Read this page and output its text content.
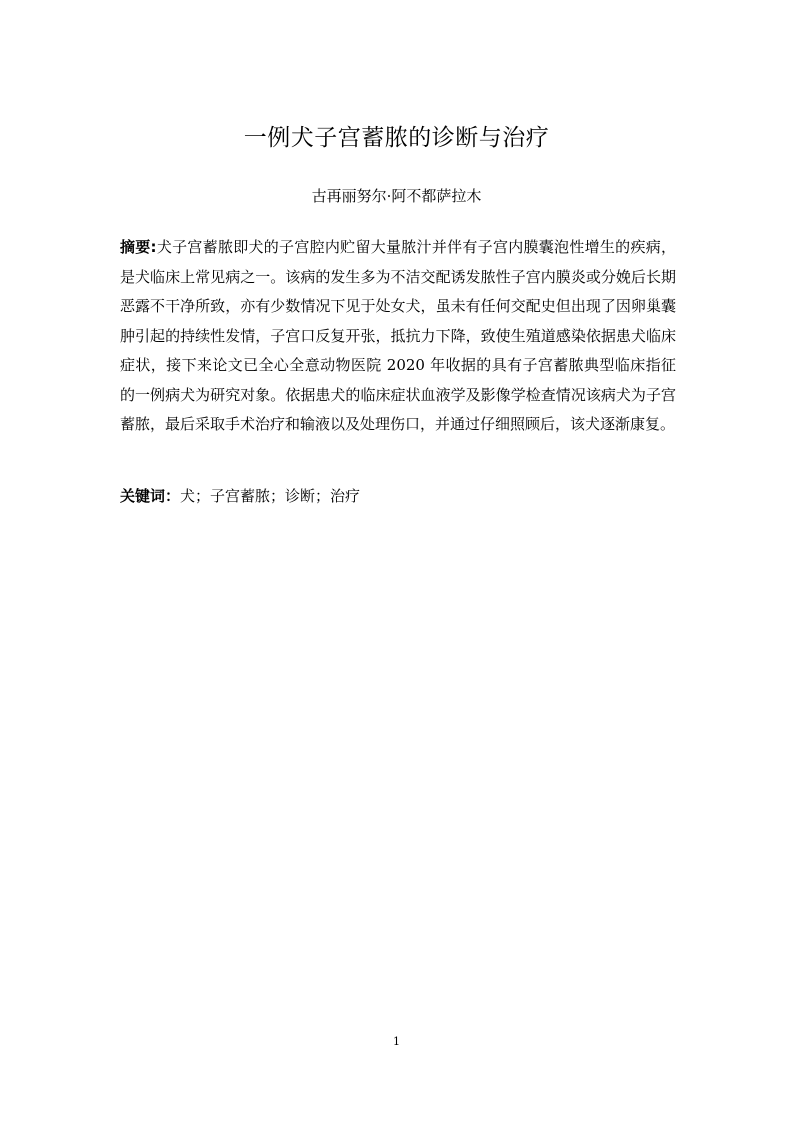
一例犬子宫蓄脓的诊断与治疗
古再丽努尔·阿不都萨拉木

摘要:犬子宫蓄脓即犬的子宫腔内贮留大量脓汁并伴有子宫内膜囊泡性增生的疾病，是犬临床上常见病之一。该病的发生多为不洁交配诱发脓性子宫内膜炎或分娩后长期恶露不干净所致，亦有少数情况下见于处女犬，虽未有任何交配史但出现了因卵巢囊肿引起的持续性发情，子宫口反复开张，抵抗力下降，致使生殖道感染依据患犬临床症状，接下来论文已全心全意动物医院 2020 年收据的具有子宫蓄脓典型临床指征的一例病犬为研究对象。依据患犬的临床症状血液学及影像学检查情况该病犬为子宫蓄脓，最后采取手术治疗和输液以及处理伤口，并通过仔细照顾后，该犬逐渐康复。

关键词：犬；子宫蓄脓；诊断；治疗

1
